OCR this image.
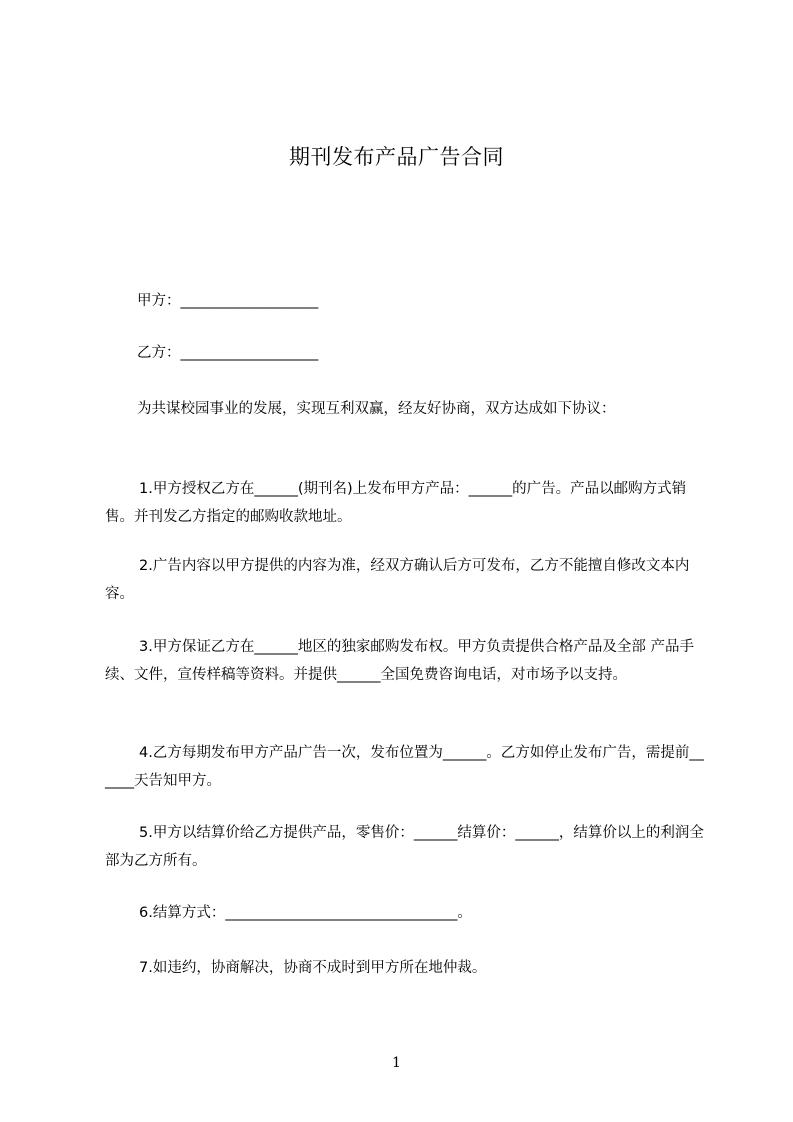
期刊发布产品广告合同
甲方：___________________
乙方：___________________
为共谋校园事业的发展，实现互利双赢，经友好协商，双方达成如下协议：
1.甲方授权乙方在______(期刊名)上发布甲方产品：______的广告。产品以邮购方式销售。并刊发乙方指定的邮购收款地址。
2.广告内容以甲方提供的内容为准，经双方确认后方可发布，乙方不能擅自修改文本内容。
3.甲方保证乙方在______地区的独家邮购发布权。甲方负责提供合格产品及全部 产品手续、文件，宣传样稿等资料。并提供______全国免费咨询电话，对市场予以支持。
4.乙方每期发布甲方产品广告一次，发布位置为______。乙方如停止发布广告，需提前______天告知甲方。
5.甲方以结算价给乙方提供产品，零售价：______结算价：______，结算价以上的利润全部为乙方所有。
6.结算方式：________________________________。
7.如违约，协商解决，协商不成时到甲方所在地仲裁。
1
